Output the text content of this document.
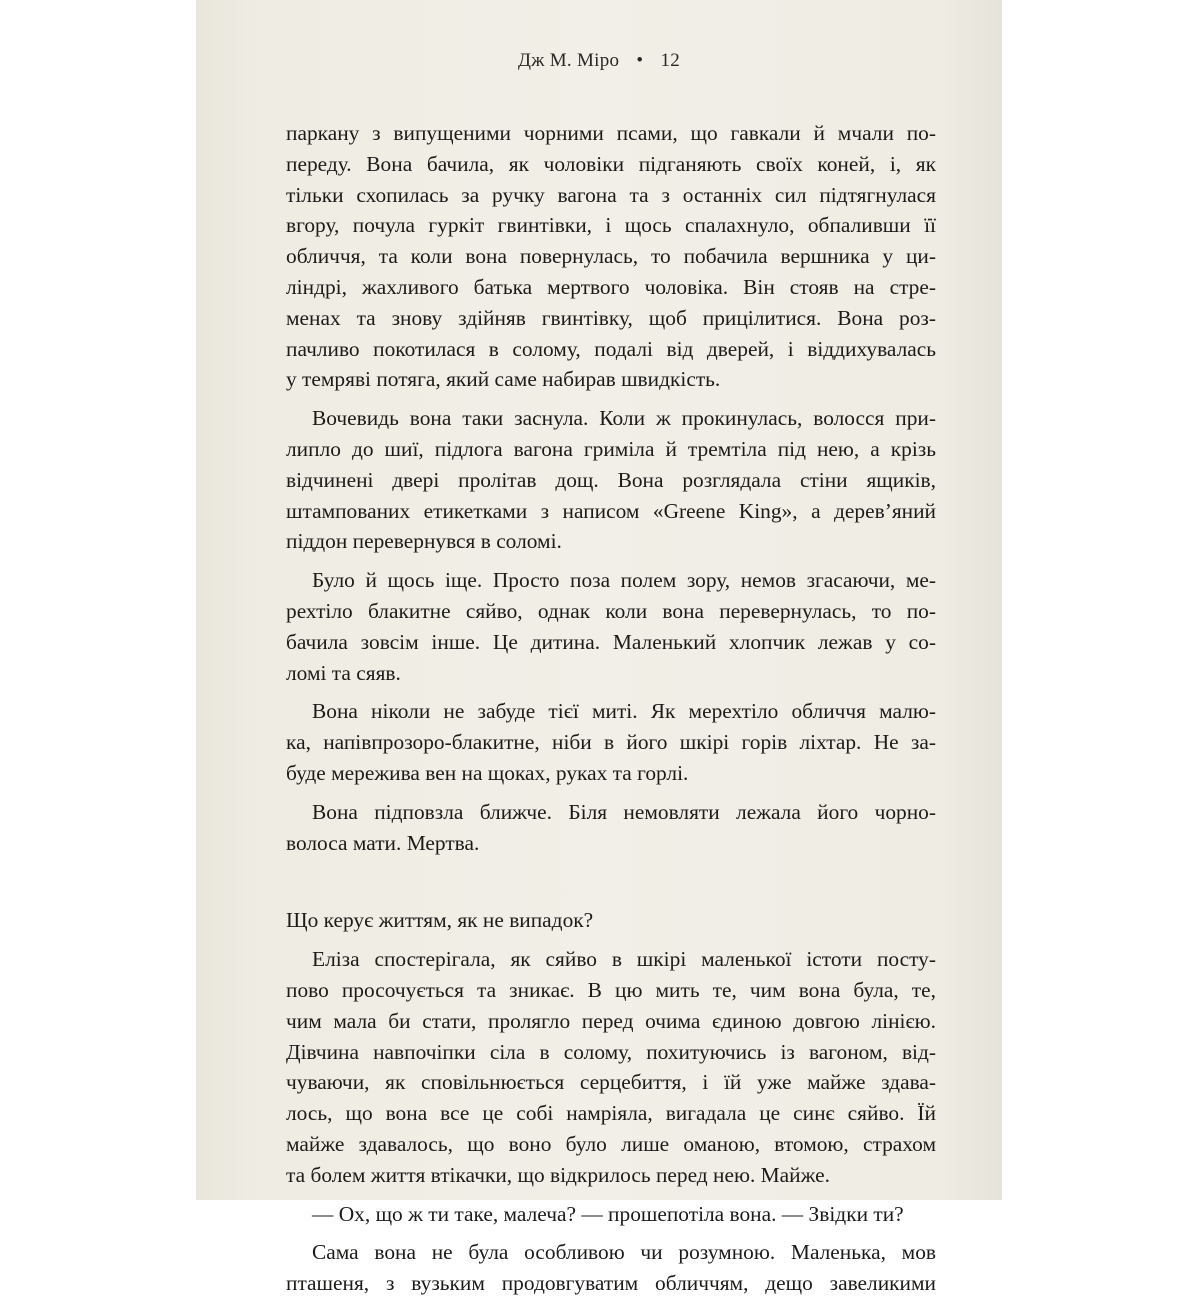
Дж М. Міро • 12
паркану з випущеними чорними псами, що гавкали й мчали по-
переду. Вона бачила, як чоловіки підганяють своїх коней, і, як
тільки схопилась за ручку вагона та з останніх сил підтягнулася
вгору, почула гуркіт гвинтівки, і щось спалахнуло, обпаливши її
обличчя, та коли вона повернулась, то побачила вершника у ци-
ліндрі, жахливого батька мертвого чоловіка. Він стояв на стре-
менах та знову здійняв гвинтівку, щоб прицілитися. Вона роз-
пачливо покотилася в солому, подалі від дверей, і віддихувалась
у темряві потяга, який саме набирав швидкість.
Вочевидь вона таки заснула. Коли ж прокинулась, волосся при-
липло до шиї, підлога вагона гриміла й тремтіла під нею, а крізь
відчинені двері пролітав дощ. Вона розглядала стіни ящиків,
штампованих етикетками з написом «Greene King», а дерев’яний
піддон перевернувся в соломі.
Було й щось іще. Просто поза полем зору, немов згасаючи, ме-
рехтіло блакитне сяйво, однак коли вона перевернулась, то по-
бачила зовсім інше. Це дитина. Маленький хлопчик лежав у со-
ломі та сяяв.
Вона ніколи не забуде тієї миті. Як мерехтіло обличчя малю-
ка, напівпрозоро-блакитне, ніби в його шкірі горів ліхтар. Не за-
буде мережива вен на щоках, руках та горлі.
Вона підповзла ближче. Біля немовляти лежала його чорно-
волоса мати. Мертва.
Що керує життям, як не випадок?
Еліза спостерігала, як сяйво в шкірі маленької істоти посту-
пово просочується та зникає. В цю мить те, чим вона була, те,
чим мала би стати, пролягло перед очима єдиною довгою лінією.
Дівчина навпочіпки сіла в солому, похитуючись із вагоном, від-
чуваючи, як сповільнюється серцебиття, і їй уже майже здава-
лось, що вона все це собі намріяла, вигадала це синє сяйво. Їй
майже здавалось, що воно було лише оманою, втомою, страхом
та болем життя втікачки, що відкрилось перед нею. Майже.
— Ох, що ж ти таке, малеча? — прошепотіла вона. — Звідки ти?
Сама вона не була особливою чи розумною. Маленька, мов
пташеня, з вузьким продовгуватим обличчям, дещо завеликими
